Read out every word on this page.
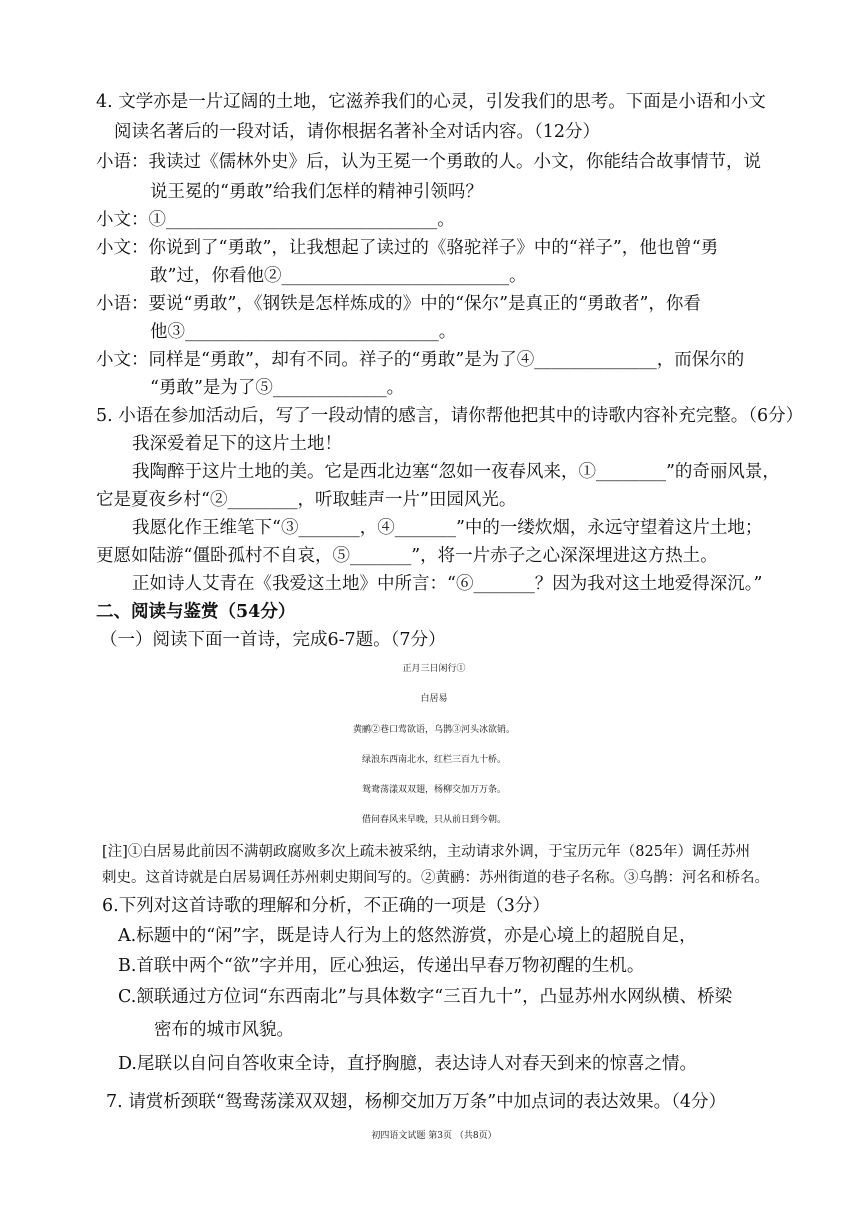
4. 文学亦是一片辽阔的土地，它滋养我们的心灵，引发我们的思考。下面是小语和小文
阅读名著后的一段对话，请你根据名著补全对话内容。（12分）
小语：我读过《儒林外史》后，认为王冕一个勇敢的人。小文，你能结合故事情节，说
说王冕的“勇敢”给我们怎样的精神引领吗？
小文：①_______________________________。
小文：你说到了“勇敢”，让我想起了读过的《骆驼祥子》中的“祥子”，他也曾“勇
敢”过，你看他②__________________________。
小语：要说“勇敢”，《钢铁是怎样炼成的》中的“保尔”是真正的“勇敢者”，你看
他③_____________________________。
小文：同样是“勇敢”，却有不同。祥子的“勇敢”是为了④______________，而保尔的
“勇敢”是为了⑤_____________。
5. 小语在参加活动后，写了一段动情的感言，请你帮他把其中的诗歌内容补充完整。（6分）
我深爱着足下的这片土地！
我陶醉于这片土地的美。它是西北边塞“忽如一夜春风来，①________”的奇丽风景，
它是夏夜乡村“②________，听取蛙声一片”田园风光。
我愿化作王维笔下“③_______，④_______”中的一缕炊烟，永远守望着这片土地；
更愿如陆游“僵卧孤村不自哀，⑤_______”，将一片赤子之心深深埋进这方热土。
正如诗人艾青在《我爱这土地》中所言：“⑥_______？因为我对这土地爱得深沉。”
二、阅读与鉴赏（54分）
（一）阅读下面一首诗，完成6-7题。（7分）
正月三日闲行①
白居易
黄鹂②巷口莺欲语，乌鹊③河头冰欲销。
绿浪东西南北水，红栏三百九十桥。
鸳鸯荡漾双双翅，杨柳交加万万条。
借问春风来早晚，只从前日到今朝。
[注]①白居易此前因不满朝政腐败多次上疏未被采纳，主动请求外调，于宝历元年（825年）调任苏州
刺史。这首诗就是白居易调任苏州刺史期间写的。②黄鹂：苏州街道的巷子名称。③乌鹊：河名和桥名。
6.下列对这首诗歌的理解和分析，不正确的一项是（3分）
A.标题中的“闲”字，既是诗人行为上的悠然游赏，亦是心境上的超脱自足，
B.首联中两个“欲”字并用，匠心独运，传递出早春万物初醒的生机。
C.颔联通过方位词“东西南北”与具体数字“三百九十”，凸显苏州水网纵横、桥梁
密布的城市风貌。
D.尾联以自问自答收束全诗，直抒胸臆，表达诗人对春天到来的惊喜之情。
7. 请赏析颈联“鸳鸯荡漾双双翅，杨柳交加万万条”中加点词的表达效果。（4分）
初四语文试题 第3页 （共8页）
